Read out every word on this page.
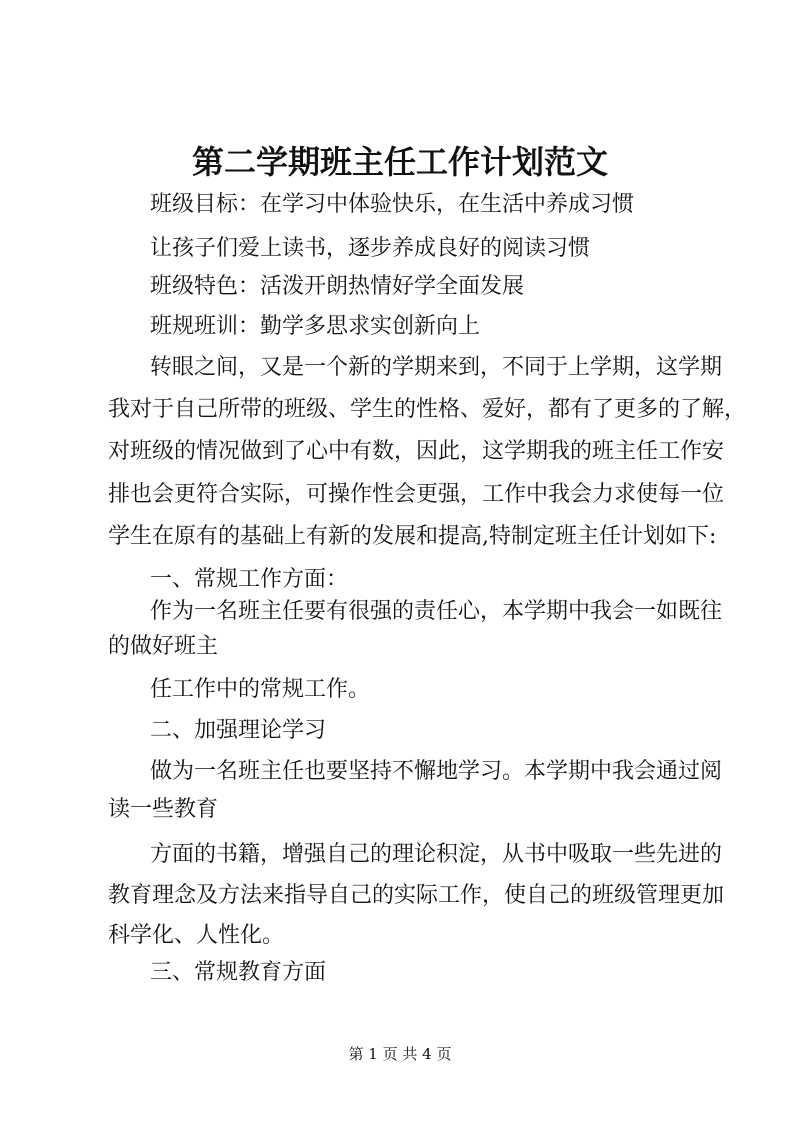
第二学期班主任工作计划范文
班级目标：在学习中体验快乐，在生活中养成习惯
让孩子们爱上读书，逐步养成良好的阅读习惯
班级特色：活泼开朗热情好学全面发展
班规班训：勤学多思求实创新向上
转眼之间，又是一个新的学期来到，不同于上学期，这学期
我对于自己所带的班级、学生的性格、爱好，都有了更多的了解，
对班级的情况做到了心中有数，因此，这学期我的班主任工作安
排也会更符合实际，可操作性会更强，工作中我会力求使每一位
学生在原有的基础上有新的发展和提高,特制定班主任计划如下:
一、常规工作方面：
作为一名班主任要有很强的责任心，本学期中我会一如既往
的做好班主
任工作中的常规工作。
二、加强理论学习
做为一名班主任也要坚持不懈地学习。本学期中我会通过阅
读一些教育
方面的书籍，增强自己的理论积淀，从书中吸取一些先进的
教育理念及方法来指导自己的实际工作，使自己的班级管理更加
科学化、人性化。
三、常规教育方面
第 1 页 共 4 页
